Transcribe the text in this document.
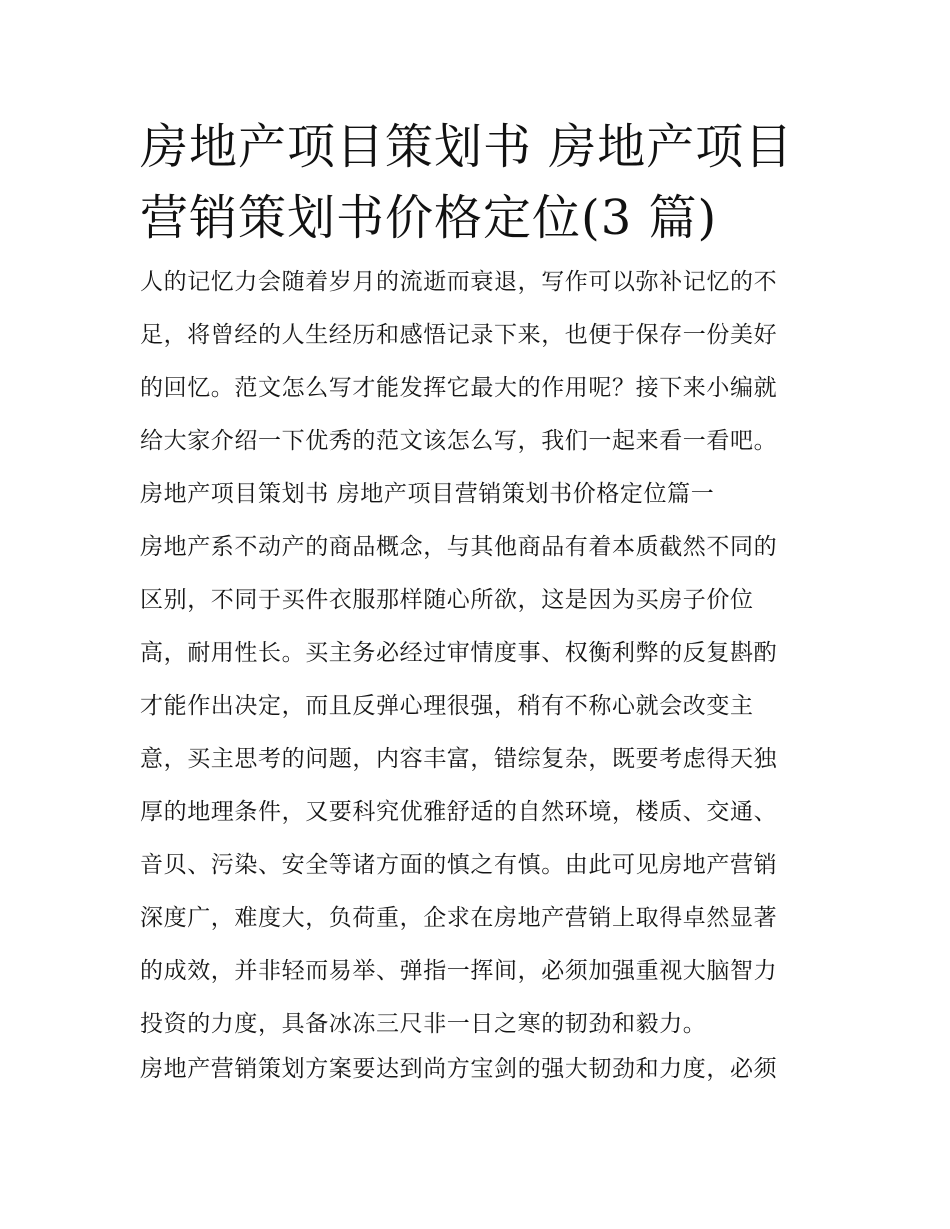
房地产项目策划书 房地产项目
营销策划书价格定位(3 篇)
人的记忆力会随着岁月的流逝而衰退，写作可以弥补记忆的不
足，将曾经的人生经历和感悟记录下来，也便于保存一份美好
的回忆。范文怎么写才能发挥它最大的作用呢？接下来小编就
给大家介绍一下优秀的范文该怎么写，我们一起来看一看吧。
房地产项目策划书 房地产项目营销策划书价格定位篇一
房地产系不动产的商品概念，与其他商品有着本质截然不同的
区别，不同于买件衣服那样随心所欲，这是因为买房子价位
高，耐用性长。买主务必经过审情度事、权衡利弊的反复斟酌
才能作出决定，而且反弹心理很强，稍有不称心就会改变主
意，买主思考的问题，内容丰富，错综复杂，既要考虑得天独
厚的地理条件，又要科究优雅舒适的自然环境，楼质、交通、
音贝、污染、安全等诸方面的慎之有慎。由此可见房地产营销
深度广，难度大，负荷重，企求在房地产营销上取得卓然显著
的成效，并非轻而易举、弹指一挥间，必须加强重视大脑智力
投资的力度，具备冰冻三尺非一日之寒的韧劲和毅力。
房地产营销策划方案要达到尚方宝剑的强大韧劲和力度，必须
